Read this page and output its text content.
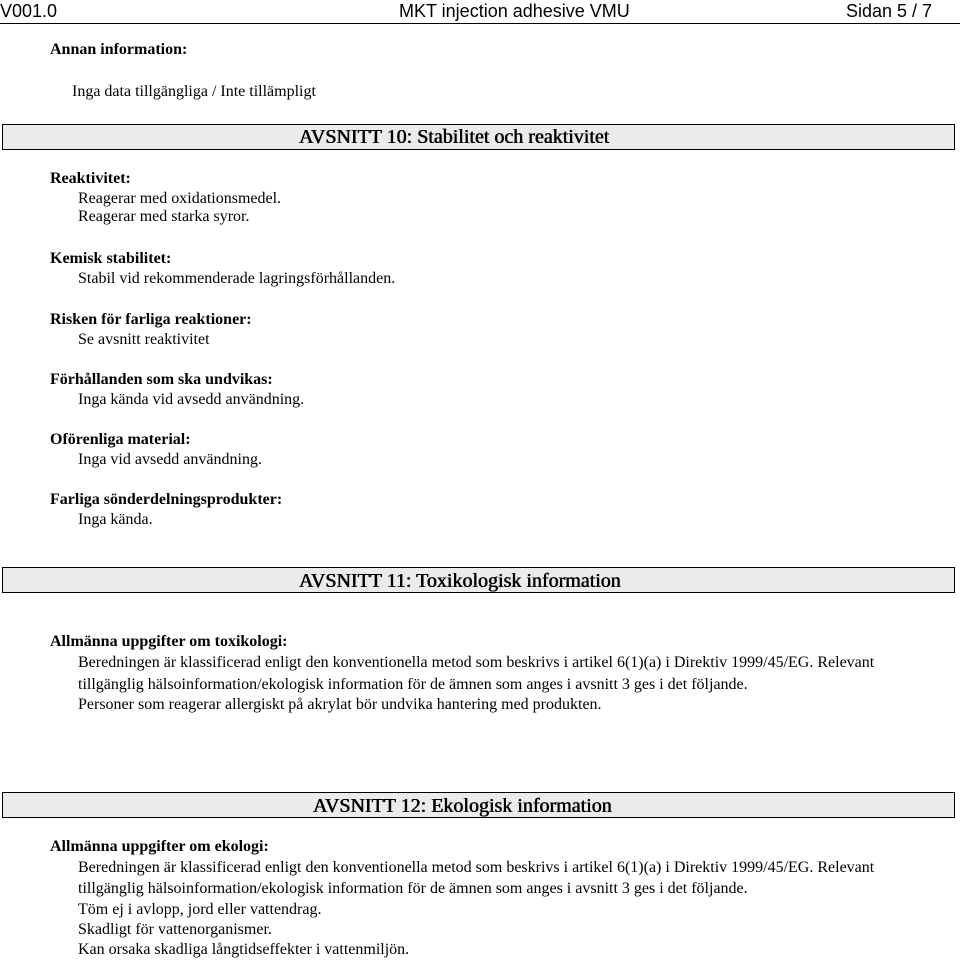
V001.0	MKT injection adhesive VMU	Sidan 5 / 7
Annan information:
Inga data tillgängliga / Inte tillämpligt
AVSNITT 10: Stabilitet och reaktivitet
Reaktivitet:
Reagerar med oxidationsmedel.
Reagerar med starka syror.
Kemisk stabilitet:
Stabil vid rekommenderade lagringsförhållanden.
Risken för farliga reaktioner:
Se avsnitt reaktivitet
Förhållanden som ska undvikas:
Inga kända vid avsedd användning.
Oförenliga material:
Inga vid avsedd användning.
Farliga sönderdelningsprodukter:
Inga kända.
AVSNITT 11: Toxikologisk information
Allmänna uppgifter om toxikologi:
Beredningen är klassificerad enligt den konventionella metod som beskrivs i artikel 6(1)(a) i Direktiv 1999/45/EG. Relevant
tillgänglig hälsoinformation/ekologisk information för de ämnen som anges i avsnitt 3 ges i det följande.
Personer som reagerar allergiskt på akrylat bör undvika hantering med produkten.
AVSNITT 12: Ekologisk information
Allmänna uppgifter om ekologi:
Beredningen är klassificerad enligt den konventionella metod som beskrivs i artikel 6(1)(a) i Direktiv 1999/45/EG. Relevant
tillgänglig hälsoinformation/ekologisk information för de ämnen som anges i avsnitt 3 ges i det följande.
Töm ej i avlopp, jord eller vattendrag.
Skadligt för vattenorganismer.
Kan orsaka skadliga långtidseffekter i vattenmiljön.
